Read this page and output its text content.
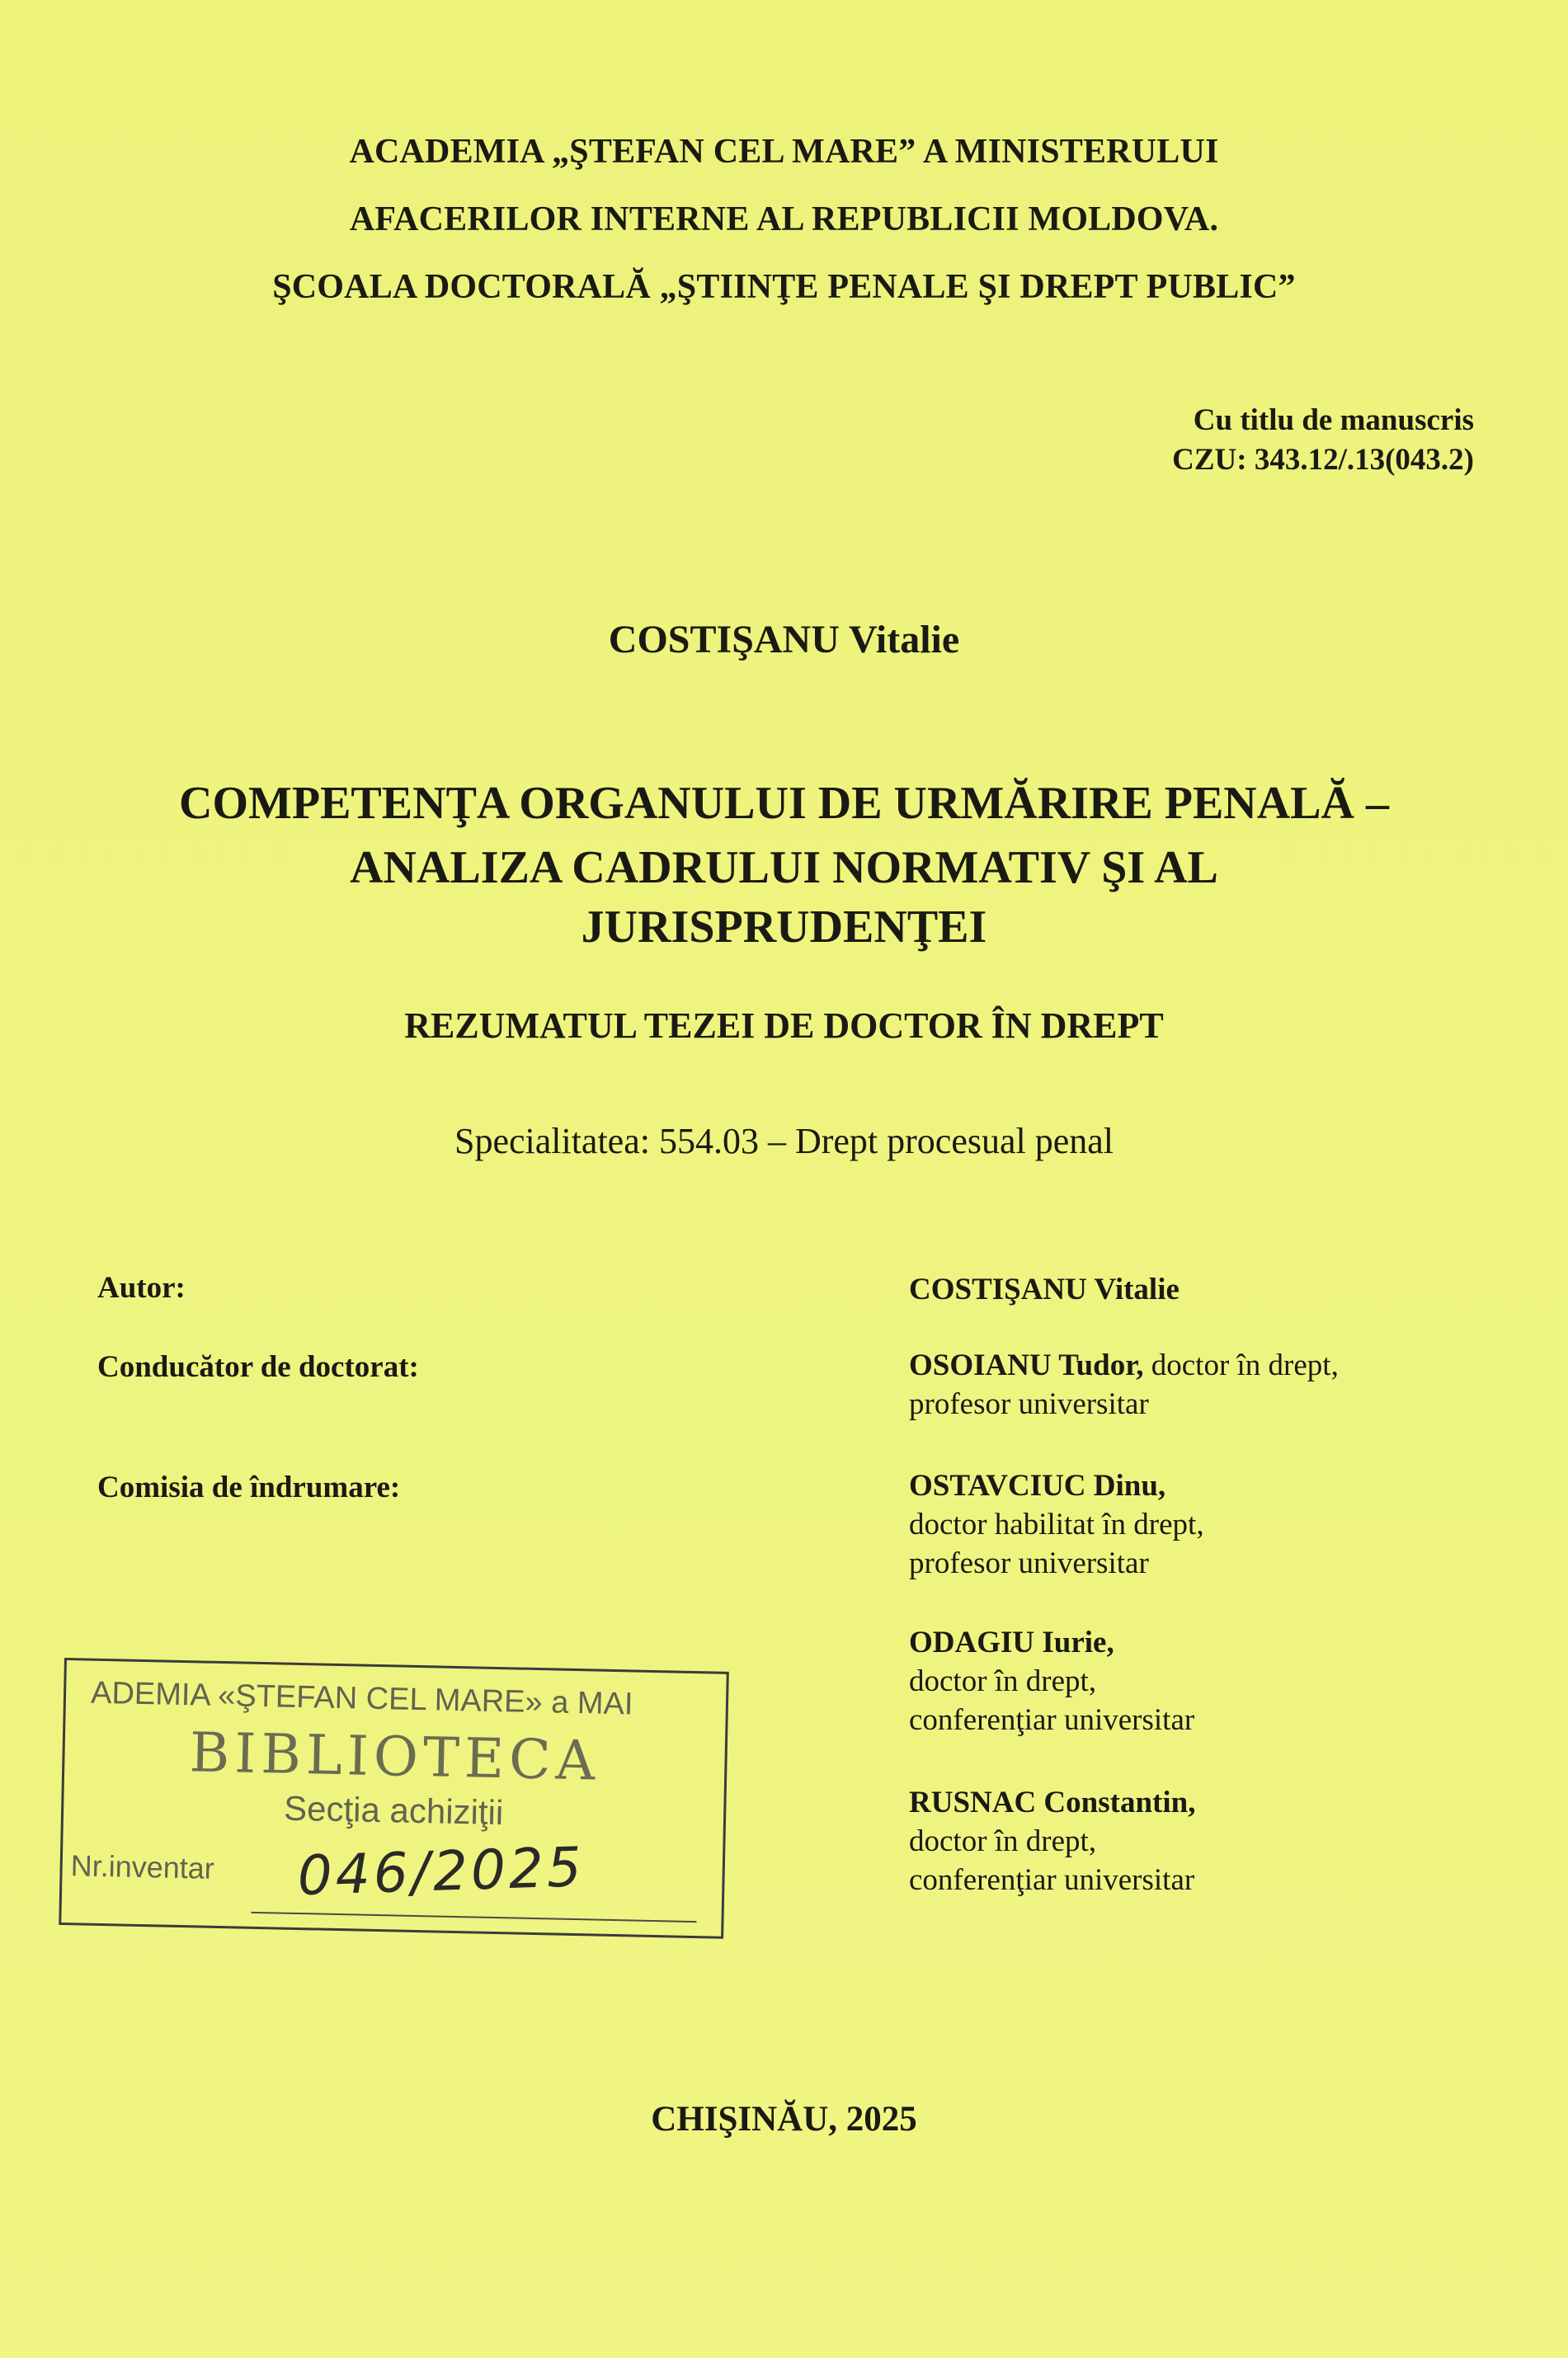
ACADEMIA „ŞTEFAN CEL MARE” A MINISTERULUI
AFACERILOR INTERNE AL REPUBLICII MOLDOVA.
ŞCOALA DOCTORALĂ „ŞTIINŢE PENALE ŞI DREPT PUBLIC”
Cu titlu de manuscris
CZU: 343.12/.13(043.2)
COSTIŞANU Vitalie
COMPETENŢA ORGANULUI DE URMĂRIRE PENALĂ –
ANALIZA CADRULUI NORMATIV ŞI AL
JURISPRUDENŢEI
REZUMATUL TEZEI DE DOCTOR ÎN DREPT
Specialitatea: 554.03 – Drept procesual penal
Autor:	COSTIŞANU Vitalie
Conducător de doctorat:	OSOIANU Tudor, doctor în drept,
profesor universitar
Comisia de îndrumare:	OSTAVCIUC Dinu,
doctor habilitat în drept,
profesor universitar
ODAGIU Iurie,
doctor în drept,
conferenţiar universitar
RUSNAC Constantin,
doctor în drept,
conferenţiar universitar
ADEMIA «ŞTEFAN CEL MARE» a MAI
BIBLIOTECA
Secţia achiziţii
Nr.inventar 046/2025
CHIŞINĂU, 2025
